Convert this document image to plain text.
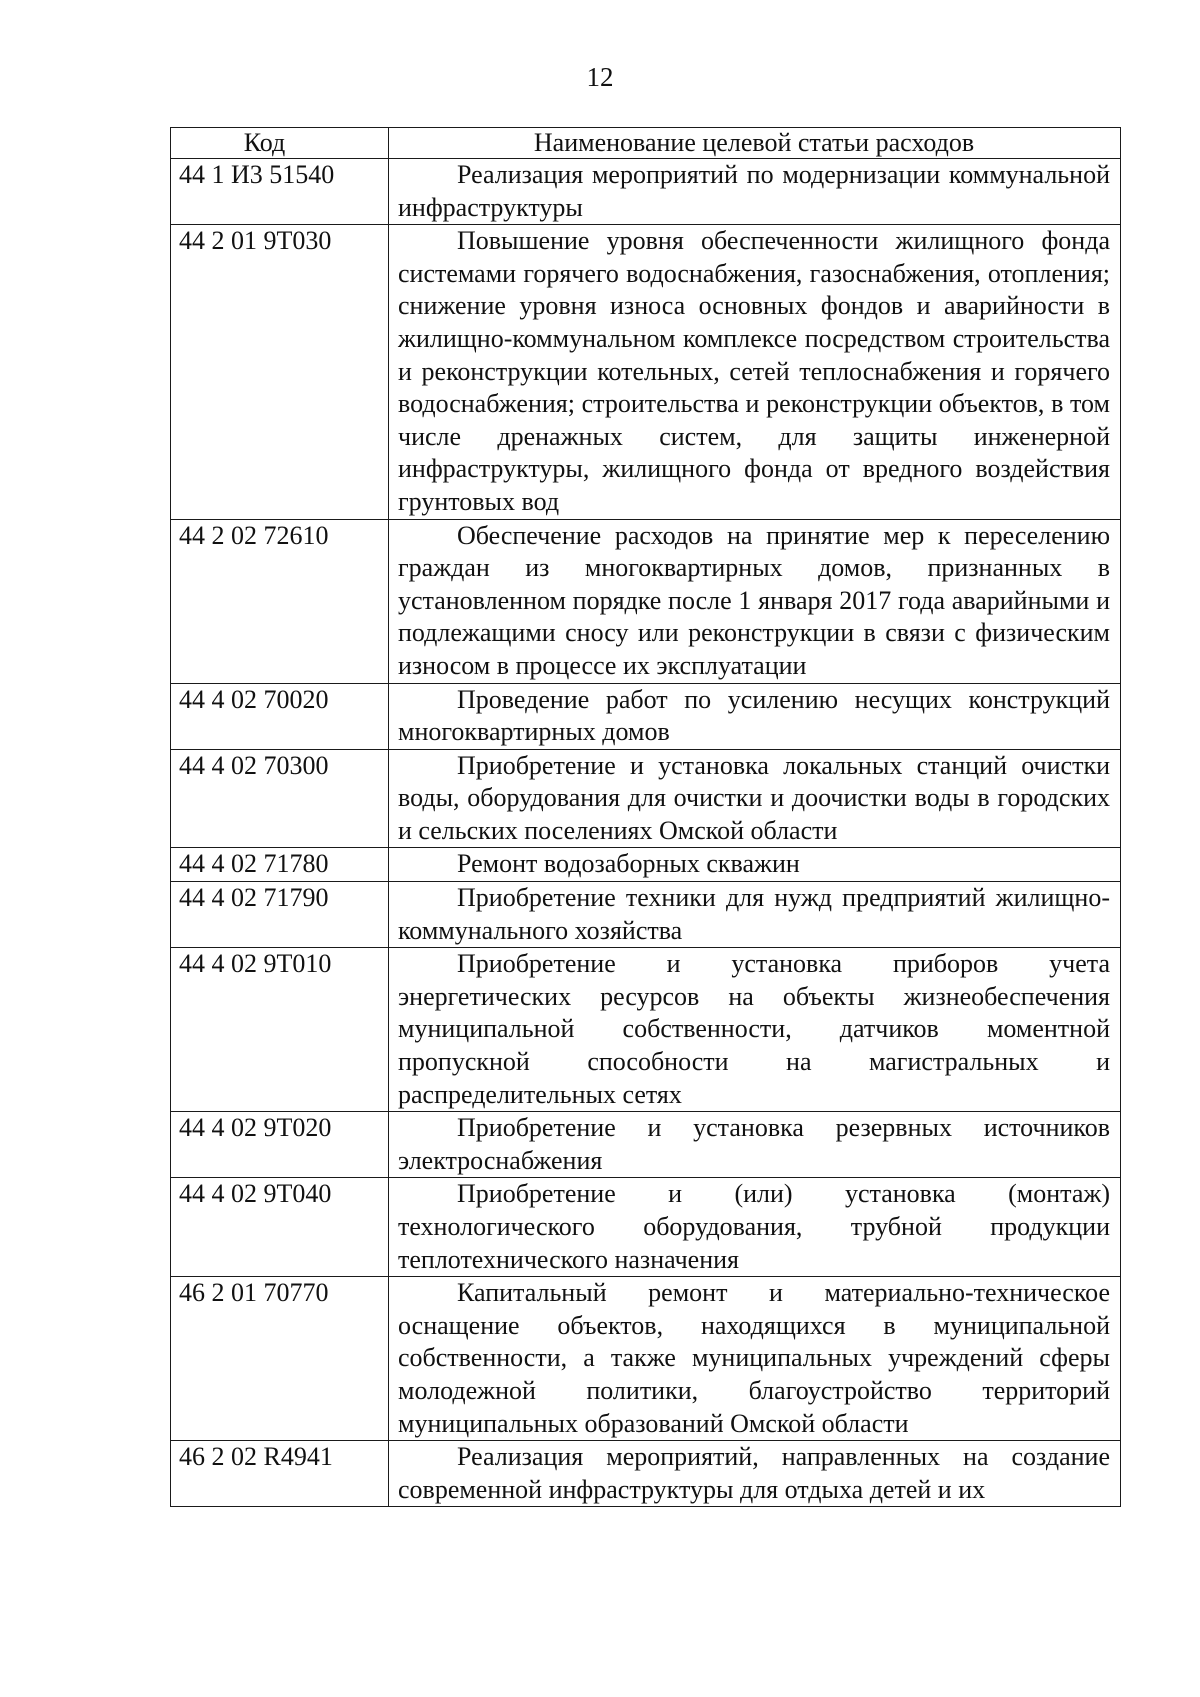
12
Код	Наименование целевой статьи расходов
44 1 И3 51540	Реализация мероприятий по модернизации коммунальной инфраструктуры
44 2 01 9Т030	Повышение уровня обеспеченности жилищного фонда системами горячего водоснабжения, газоснабжения, отопления; снижение уровня износа основных фондов и аварийности в жилищно-коммунальном комплексе посредством строительства и реконструкции котельных, сетей теплоснабжения и горячего водоснабжения; строительства и реконструкции объектов, в том числе дренажных систем, для защиты инженерной инфраструктуры, жилищного фонда от вредного воздействия грунтовых вод
44 2 02 72610	Обеспечение расходов на принятие мер к переселению граждан из многоквартирных домов, признанных в установленном порядке после 1 января 2017 года аварийными и подлежащими сносу или реконструкции в связи с физическим износом в процессе их эксплуатации
44 4 02 70020	Проведение работ по усилению несущих конструкций многоквартирных домов
44 4 02 70300	Приобретение и установка локальных станций очистки воды, оборудования для очистки и доочистки воды в городских и сельских поселениях Омской области
44 4 02 71780	Ремонт водозаборных скважин
44 4 02 71790	Приобретение техники для нужд предприятий жилищно-коммунального хозяйства
44 4 02 9Т010	Приобретение и установка приборов учета энергетических ресурсов на объекты жизнеобеспечения муниципальной собственности, датчиков моментной пропускной способности на магистральных и распределительных сетях
44 4 02 9Т020	Приобретение и установка резервных источников электроснабжения
44 4 02 9Т040	Приобретение и (или) установка (монтаж) технологического оборудования, трубной продукции теплотехнического назначения
46 2 01 70770	Капитальный ремонт и материально-техническое оснащение объектов, находящихся в муниципальной собственности, а также муниципальных учреждений сферы молодежной политики, благоустройство территорий муниципальных образований Омской области
46 2 02 R4941	Реализация мероприятий, направленных на создание современной инфраструктуры для отдыха детей и их
